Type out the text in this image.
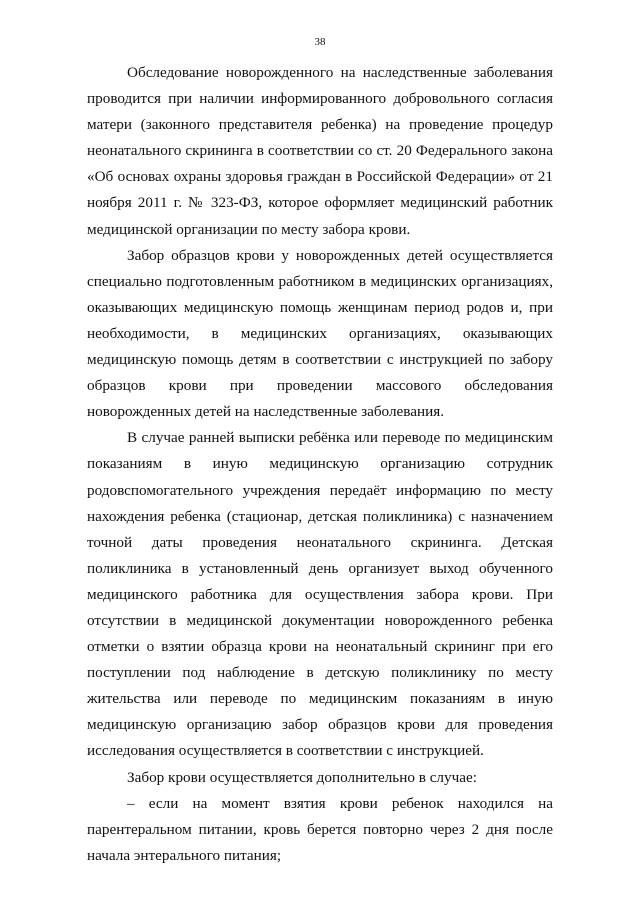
38

Обследование новорожденного на наследственные заболевания проводится при наличии информированного добровольного согласия матери (законного представителя ребенка) на проведение процедур неонатального скрининга в соответствии со ст. 20 Федерального закона «Об основах охраны здоровья граждан в Российской Федерации» от 21 ноября 2011 г. № 323-ФЗ, которое оформляет медицинский работник медицинской организации по месту забора крови.

Забор образцов крови у новорожденных детей осуществляется специально подготовленным работником в медицинских организациях, оказывающих медицинскую помощь женщинам период родов и, при необходимости, в медицинских организациях, оказывающих медицинскую помощь детям в соответствии с инструкцией по забору образцов крови при проведении массового обследования новорожденных детей на наследственные заболевания.

В случае ранней выписки ребёнка или переводе по медицинским показаниям в иную медицинскую организацию сотрудник родовспомогательного учреждения передаёт информацию по месту нахождения ребенка (стационар, детская поликлиника) с назначением точной даты проведения неонатального скрининга. Детская поликлиника в установленный день организует выход обученного медицинского работника для осуществления забора крови. При отсутствии в медицинской документации новорожденного ребенка отметки о взятии образца крови на неонатальный скрининг при его поступлении под наблюдение в детскую поликлинику по месту жительства или переводе по медицинским показаниям в иную медицинскую организацию забор образцов крови для проведения исследования осуществляется в соответствии с инструкцией.

Забор крови осуществляется дополнительно в случае:

– если на момент взятия крови ребенок находился на парентеральном питании, кровь берется повторно через 2 дня после начала энтерального питания;
